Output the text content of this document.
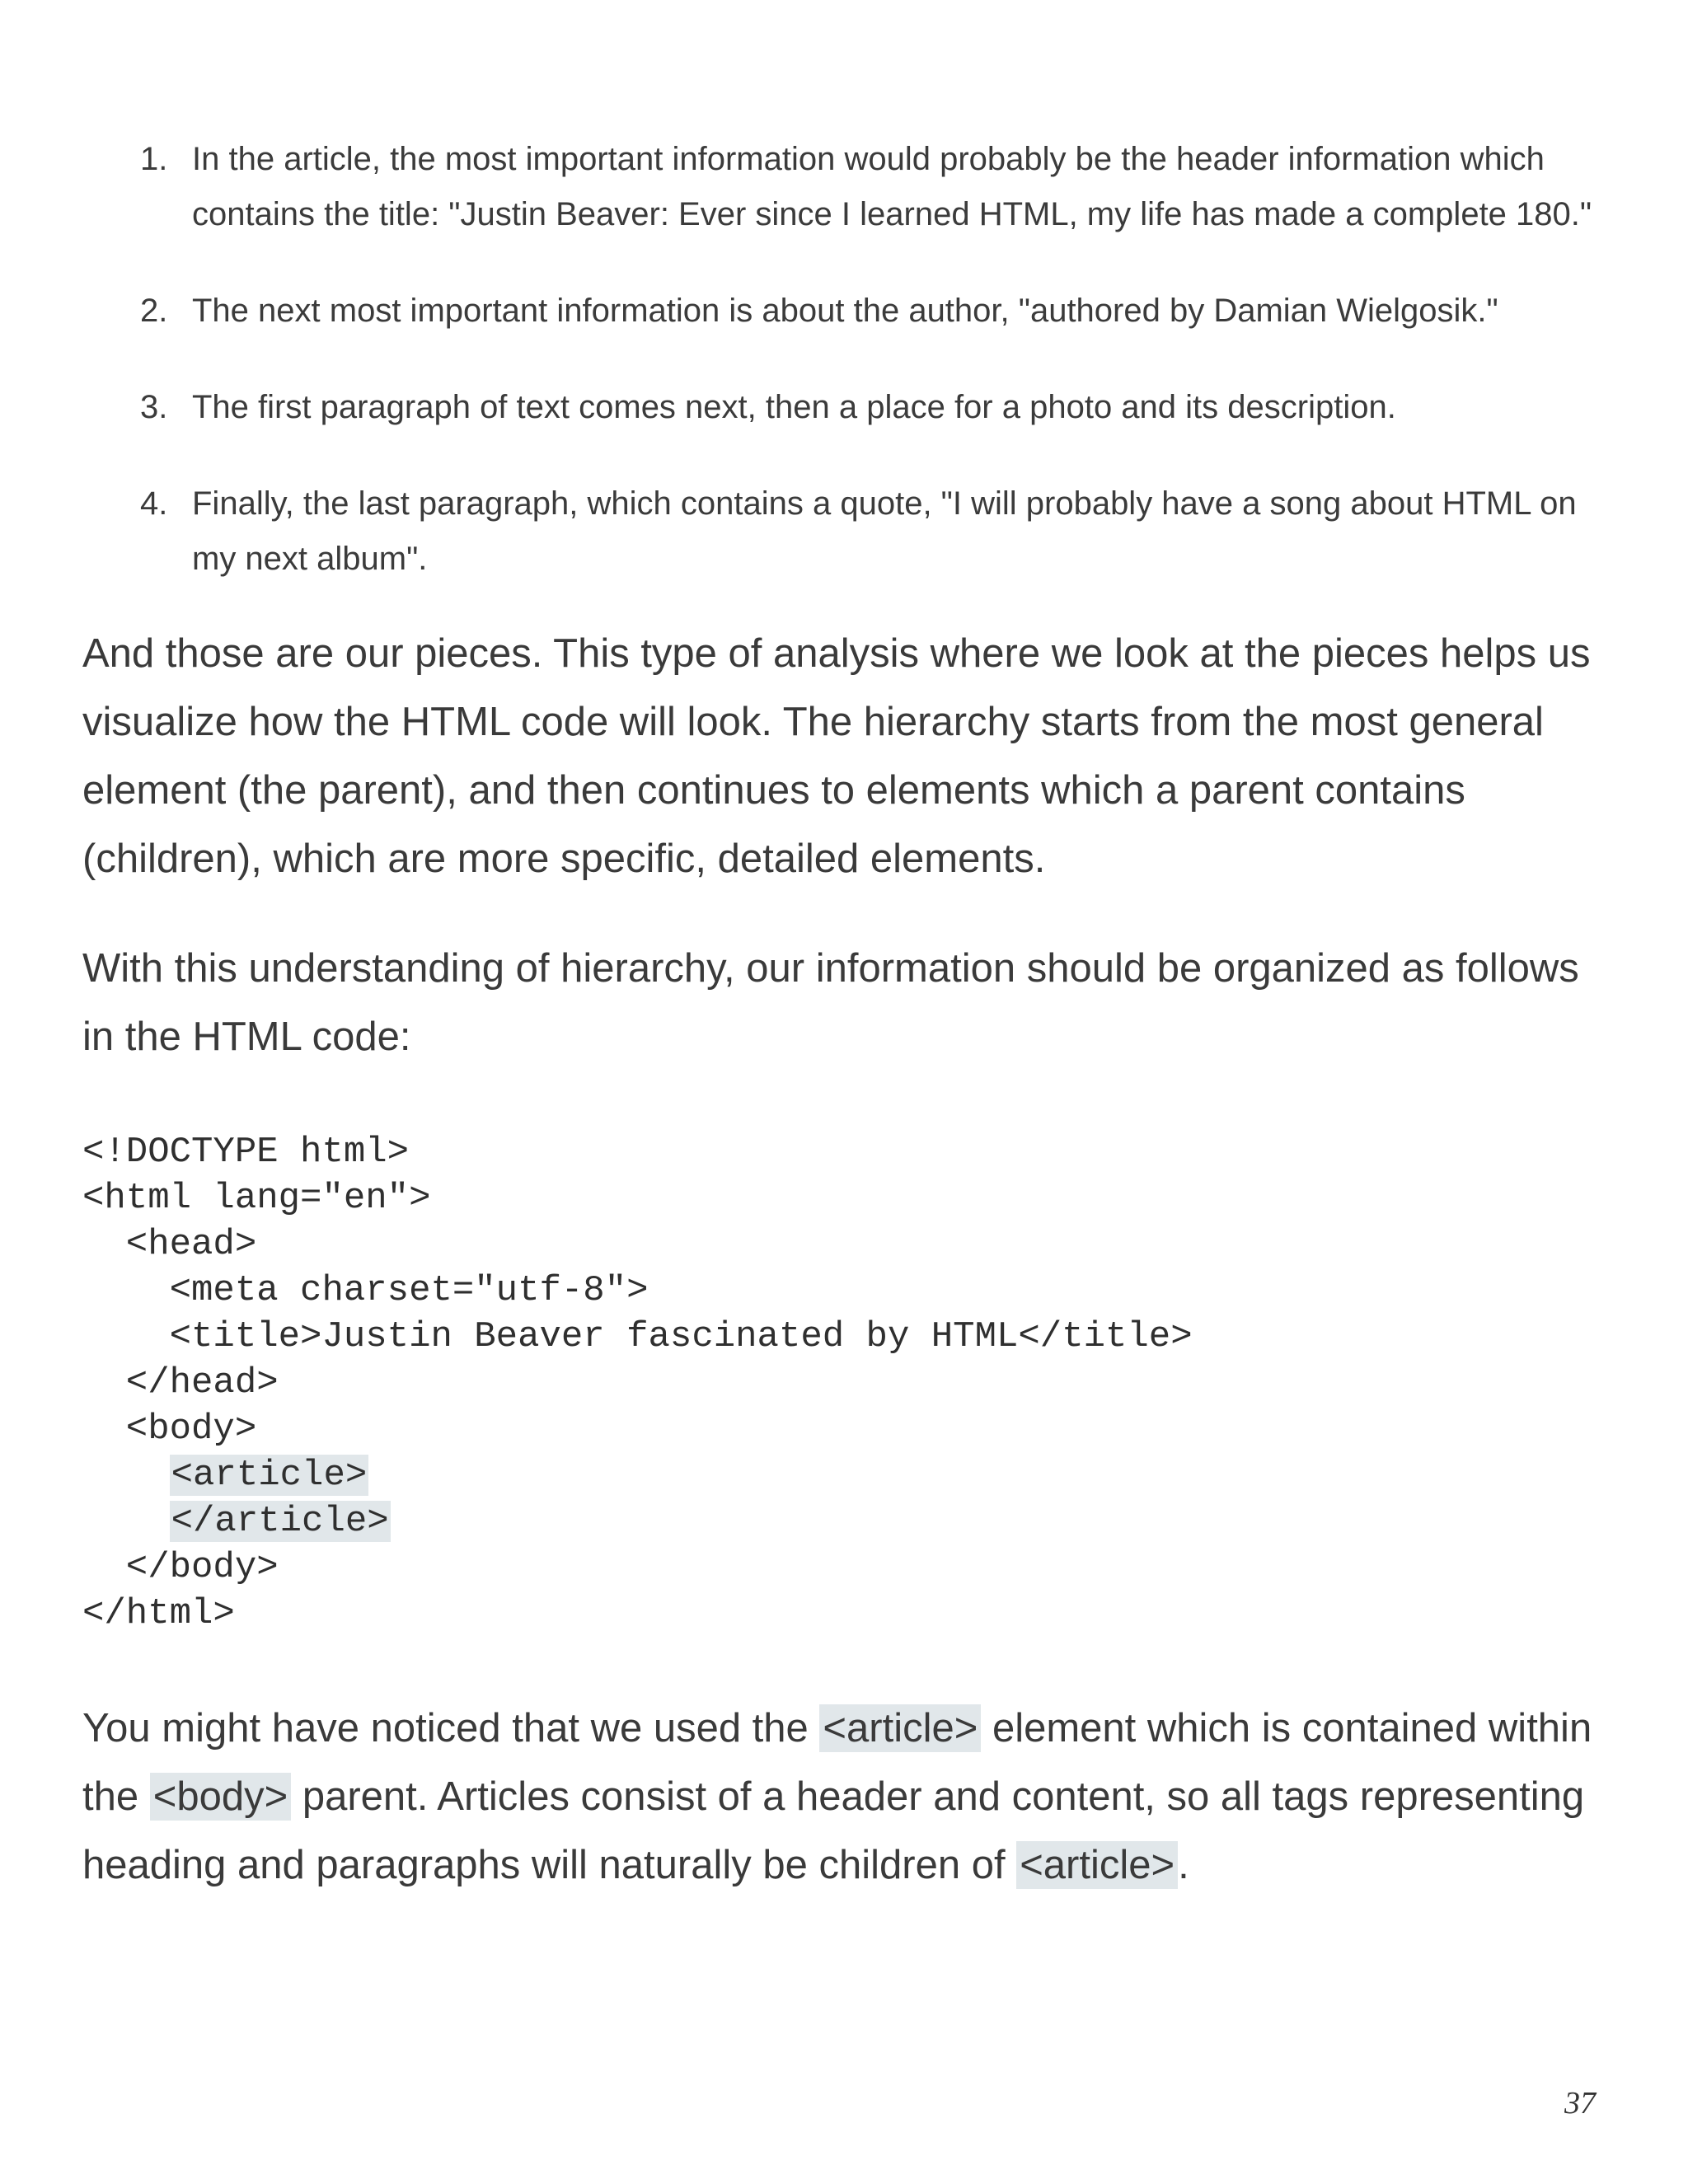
1. In the article, the most important information would probably be the header information which contains the title: "Justin Beaver: Ever since I learned HTML, my life has made a complete 180."
2. The next most important information is about the author, "authored by Damian Wielgosik."
3. The first paragraph of text comes next, then a place for a photo and its description.
4. Finally, the last paragraph, which contains a quote, "I will probably have a song about HTML on my next album".

And those are our pieces. This type of analysis where we look at the pieces helps us visualize how the HTML code will look. The hierarchy starts from the most general element (the parent), and then continues to elements which a parent contains (children), which are more specific, detailed elements.

With this understanding of hierarchy, our information should be organized as follows in the HTML code:

<!DOCTYPE html>
<html lang="en">
<head>
<meta charset="utf-8">
<title>Justin Beaver fascinated by HTML</title>
</head>
<body>
<article>
</article>
</body>
</html>

You might have noticed that we used the <article> element which is contained within the <body> parent. Articles consist of a header and content, so all tags representing heading and paragraphs will naturally be children of <article>.

37
